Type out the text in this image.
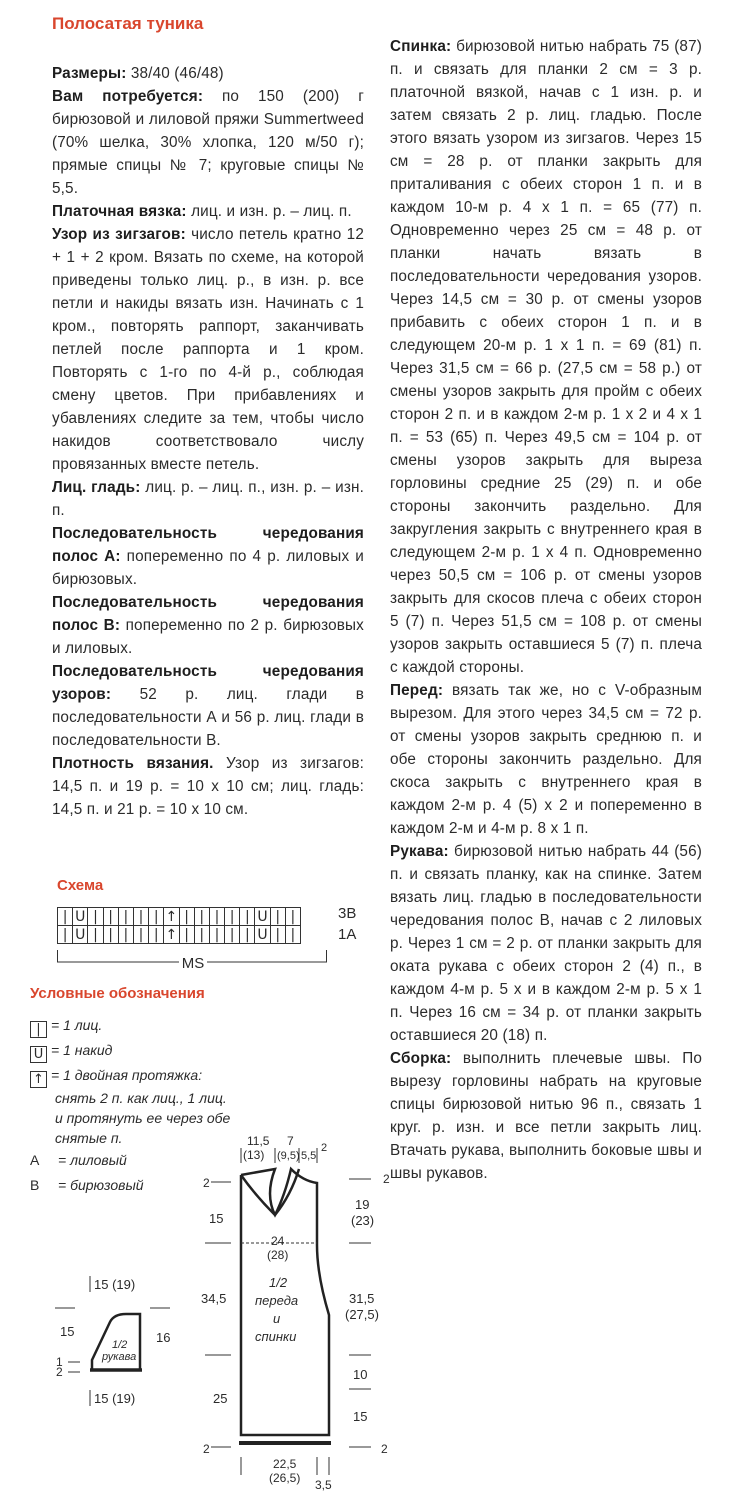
Полосатая туника

Размеры: 38/40 (46/48)

Вам потребуется: по 150 (200) г бирюзовой и лиловой пряжи Summertweed (70% шелка, 30% хлопка, 120 м/50 г); прямые спицы № 7; круговые спицы № 5,5.

Платочная вязка: лиц. и изн. р. – лиц. п.

Узор из зигзагов: число петель кратно 12 + 1 + 2 кром. Вязать по схеме, на которой приведены только лиц. р., в изн. р. все петли и накиды вязать изн. Начинать с 1 кром., повторять раппорт, заканчивать петлей после раппорта и 1 кром. Повторять с 1-го по 4-й р., соблюдая смену цветов. При прибавлениях и убавлениях следите за тем, чтобы число накидов соответствовало числу провязанных вместе петель.

Лиц. гладь: лиц. р. – лиц. п., изн. р. – изн. п.

Последовательность чередования полос А: попеременно по 4 р. лиловых и бирюзовых.

Последовательность чередования полос В: попеременно по 2 р. бирюзовых и лиловых.

Последовательность чередования узоров: 52 р. лиц. глади в последовательности А и 56 р. лиц. глади в последовательности В.

Плотность вязания. Узор из зигзагов: 14,5 п. и 19 р. = 10 х 10 см; лиц. гладь: 14,5 п. и 21 р. = 10 х 10 см.

Спинка: бирюзовой нитью набрать 75 (87) п. и связать для планки 2 см = 3 р. платочной вязкой, начав с 1 изн. р. и затем связать 2 р. лиц. гладью. После этого вязать узором из зигзагов. Через 15 см = 28 р. от планки закрыть для приталивания с обеих сторон 1 п. и в каждом 10-м р. 4 х 1 п. = 65 (77) п. Одновременно через 25 см = 48 р. от планки начать вязать в последовательности чередования узоров. Через 14,5 см = 30 р. от смены узоров прибавить с обеих сторон 1 п. и в следующем 20-м р. 1 х 1 п. = 69 (81) п. Через 31,5 см = 66 р. (27,5 см = 58 р.) от смены узоров закрыть для пройм с обеих сторон 2 п. и в каждом 2-м р. 1 х 2 и 4 х 1 п. = 53 (65) п. Через 49,5 см = 104 р. от смены узоров закрыть для выреза горловины средние 25 (29) п. и обе стороны закончить раздельно. Для закругления закрыть с внутреннего края в следующем 2-м р. 1 х 4 п. Одновременно через 50,5 см = 106 р. от смены узоров закрыть для скосов плеча с обеих сторон 5 (7) п. Через 51,5 см = 108 р. от смены узоров закрыть оставшиеся 5 (7) п. плеча с каждой стороны.

Перед: вязать так же, но с V-образным вырезом. Для этого через 34,5 см = 72 р. от смены узоров закрыть среднюю п. и обе стороны закончить раздельно. Для скоса закрыть с внутреннего края в каждом 2-м р. 4 (5) х 2 и попеременно в каждом 2-м и 4-м р. 8 х 1 п.

Рукава: бирюзовой нитью набрать 44 (56) п. и связать планку, как на спинке. Затем вязать лиц. гладью в последовательности чередования полос В, начав с 2 лиловых р. Через 1 см = 2 р. от планки закрыть для оката рукава с обеих сторон 2 (4) п., в каждом 4-м р. 5 х и в каждом 2-м р. 5 х 1 п. Через 16 см = 34 р. от планки закрыть оставшиеся 20 (18) п.

Сборка: выполнить плечевые швы. По вырезу горловины набрать на круговые спицы бирюзовой нитью 96 п., связать 1 круг. р. изн. и все петли закрыть лиц. Втачать рукава, выполнить боковые швы и швы рукавов.

Схема
|	U	|	|	|	|	|	↑	|	|	|	|	|	U	|	|
|	U	|	|	|	|	|	↑	|	|	|	|	|	U	|	|
3В
1А
MS
Условные обозначения
| = 1 лиц.
U = 1 накид
↑ = 1 двойная протяжка:
снять 2 п. как лиц., 1 лиц.
и протянуть ее через обе
снятые п.
А = лиловый
В = бирюзовый
15 (19)
15	16
1/2
рукава
1
2
15 (19)
11,5
(13)
7
(9,5) 5,5
2
2
15
34,5
25
2
24
(28)
1/2
переда
и
спинки
2
19
(23)
31,5
(27,5)
10
15
2
22,5
(26,5) 3,5
